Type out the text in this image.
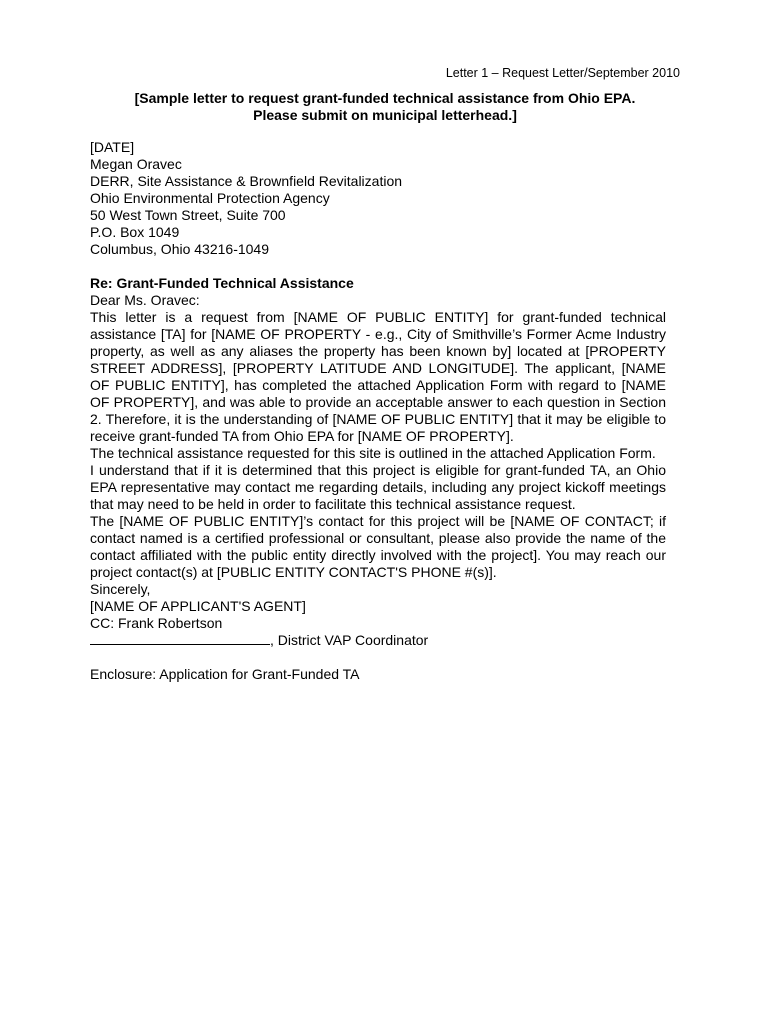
Letter 1 – Request Letter/September 2010
[Sample letter to request grant-funded technical assistance from Ohio EPA.
Please submit on municipal letterhead.]

[DATE]

Megan Oravec

DERR, Site Assistance & Brownfield Revitalization

Ohio Environmental Protection Agency

50 West Town Street, Suite 700

P.O. Box 1049

Columbus, Ohio 43216-1049

Re: Grant-Funded Technical Assistance

Dear Ms. Oravec:

This letter is a request from [NAME OF PUBLIC ENTITY] for grant-funded technical assistance [TA] for [NAME OF PROPERTY - e.g., City of Smithville’s Former Acme Industry property, as well as any aliases the property has been known by] located at [PROPERTY STREET ADDRESS], [PROPERTY LATITUDE AND LONGITUDE]. The applicant, [NAME OF PUBLIC ENTITY], has completed the attached Application Form with regard to [NAME OF PROPERTY], and was able to provide an acceptable answer to each question in Section 2. Therefore, it is the understanding of [NAME OF PUBLIC ENTITY] that it may be eligible to receive grant-funded TA from Ohio EPA for [NAME OF PROPERTY].

The technical assistance requested for this site is outlined in the attached Application Form.

I understand that if it is determined that this project is eligible for grant-funded TA, an Ohio EPA representative may contact me regarding details, including any project kickoff meetings that may need to be held in order to facilitate this technical assistance request.

The [NAME OF PUBLIC ENTITY]’s contact for this project will be [NAME OF CONTACT; if contact named is a certified professional or consultant, please also provide the name of the contact affiliated with the public entity directly involved with the project]. You may reach our project contact(s) at [PUBLIC ENTITY CONTACT'S PHONE #(s)].

Sincerely,

[NAME OF APPLICANT'S AGENT]

CC: Frank Robertson

, District VAP Coordinator

Enclosure: Application for Grant-Funded TA
